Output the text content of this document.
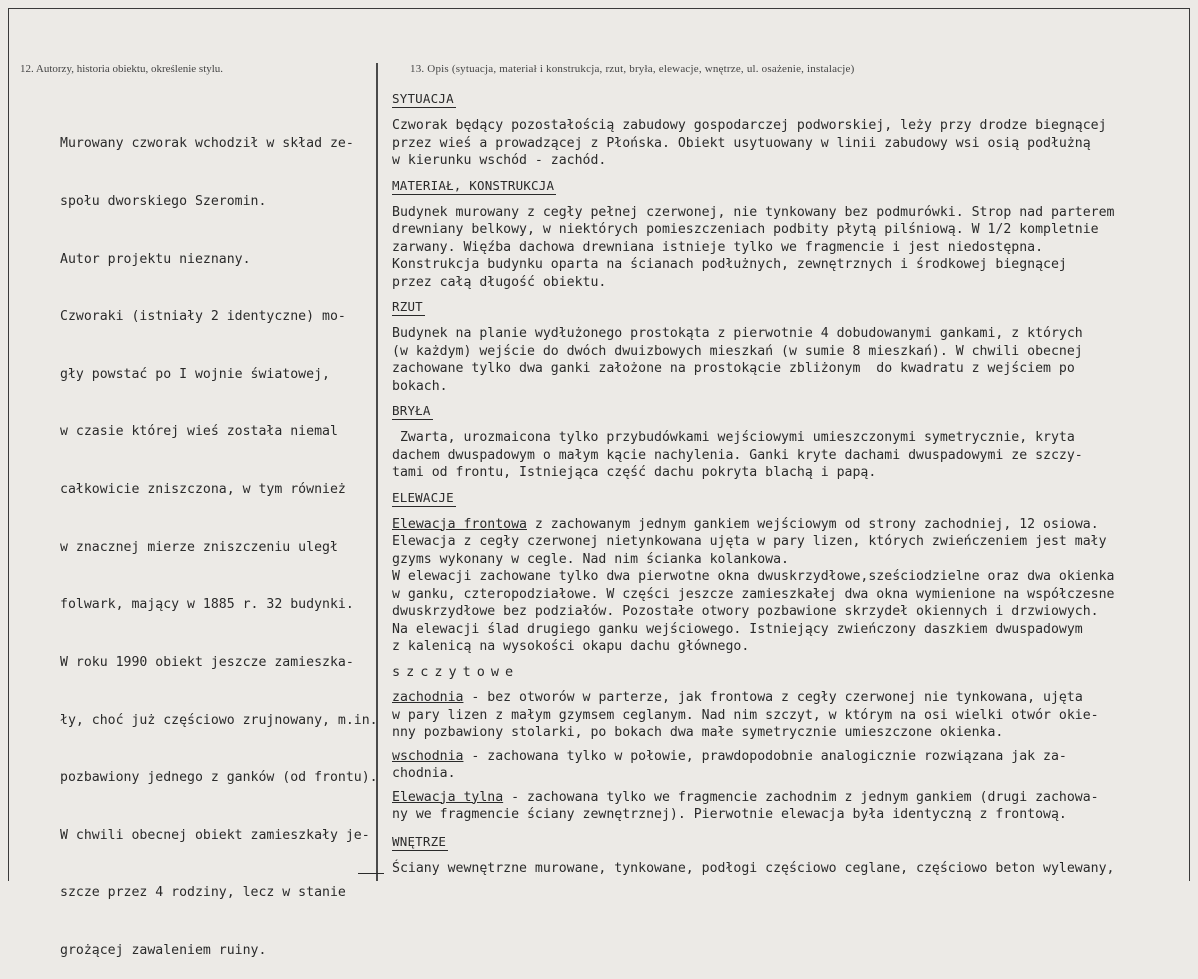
12. Autorzy, historia obiektu, określenie stylu.	13. Opis (sytuacja, materiał i konstrukcja, rzut, bryła, elewacje, wnętrze, ul. osażenie, instalacje)

Murowany czworak wchodził w skład ze-

społu dworskiego Szeromin.

Autor projektu nieznany.

Czworaki (istniały 2 identyczne) mo-

gły powstać po I wojnie światowej,

w czasie której wieś została niemal

całkowicie zniszczona, w tym również

w znacznej mierze zniszczeniu uległ

folwark, mający w 1885 r. 32 budynki.

W roku 1990 obiekt jeszcze zamieszka-

ły, choć już częściowo zrujnowany, m.in.

pozbawiony jednego z ganków (od frontu).

W chwili obecnej obiekt zamieszkały je-

szcze przez 4 rodziny, lecz w stanie

grożącej zawaleniem ruiny.

SYTUACJA

Czworak będący pozostałością zabudowy gospodarczej podworskiej, leży przy drodze biegnącej
przez wieś a prowadzącej z Płońska. Obiekt usytuowany w linii zabudowy wsi osią podłużną
w kierunku wschód - zachód.

MATERIAŁ, KONSTRUKCJA

Budynek murowany z cegły pełnej czerwonej, nie tynkowany bez podmurówki. Strop nad parterem
drewniany belkowy, w niektórych pomieszczeniach podbity płytą pilśniową. W 1/2 kompletnie
zarwany. Więźba dachowa drewniana istnieje tylko we fragmencie i jest niedostępna.
Konstrukcja budynku oparta na ścianach podłużnych, zewnętrznych i środkowej biegnącej
przez całą długość obiektu.

RZUT

Budynek na planie wydłużonego prostokąta z pierwotnie 4 dobudowanymi gankami, z których
(w każdym) wejście do dwóch dwuizbowych mieszkań (w sumie 8 mieszkań). W chwili obecnej
zachowane tylko dwa ganki założone na prostokącie zbliżonym  do kwadratu z wejściem po
bokach.

BRYŁA

Zwarta, urozmaicona tylko przybudówkami wejściowymi umieszczonymi symetrycznie, kryta
dachem dwuspadowym o małym kącie nachylenia. Ganki kryte dachami dwuspadowymi ze szczy-
tami od frontu, Istniejąca część dachu pokryta blachą i papą.

ELEWACJE

Elewacja frontowa z zachowanym jednym gankiem wejściowym od strony zachodniej, 12 osiowa.
Elewacja z cegły czerwonej nietynkowana ujęta w pary lizen, których zwieńczeniem jest mały
gzyms wykonany w cegle. Nad nim ścianka kolankowa.
W elewacji zachowane tylko dwa pierwotne okna dwuskrzydłowe,sześciodzielne oraz dwa okienka
w ganku, czteropodziałowe. W części jeszcze zamieszkałej dwa okna wymienione na współczesne
dwuskrzydłowe bez podziałów. Pozostałe otwory pozbawione skrzydeł okiennych i drzwiowych.
Na elewacji ślad drugiego ganku wejściowego. Istniejący zwieńczony daszkiem dwuspadowym
z kalenicą na wysokości okapu dachu głównego.

szczytowe

zachodnia - bez otworów w parterze, jak frontowa z cegły czerwonej nie tynkowana, ujęta
w pary lizen z małym gzymsem ceglanym. Nad nim szczyt, w którym na osi wielki otwór okie-
nny pozbawiony stolarki, po bokach dwa małe symetrycznie umieszczone okienka.

wschodnia - zachowana tylko w połowie, prawdopodobnie analogicznie rozwiązana jak za-
chodnia.

Elewacja tylna - zachowana tylko we fragmencie zachodnim z jednym gankiem (drugi zachowa-
ny we fragmencie ściany zewnętrznej). Pierwotnie elewacja była identyczną z frontową.

WNĘTRZE

Ściany wewnętrzne murowane, tynkowane, podłogi częściowo ceglane, częściowo beton wylewany,
